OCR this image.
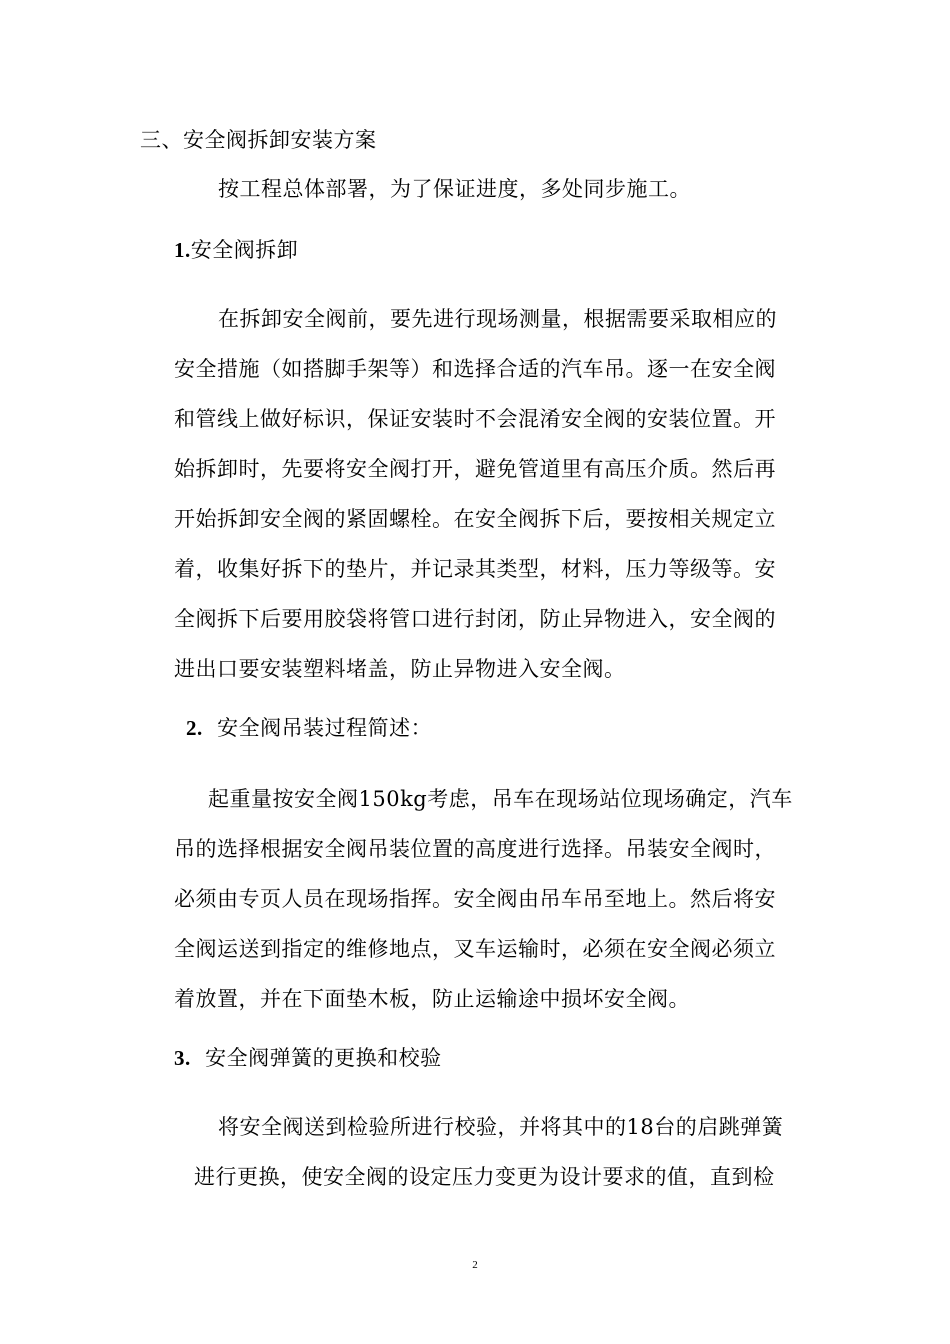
三、安全阀拆卸安装方案
按工程总体部署，为了保证进度，多处同步施工。
1.安全阀拆卸
在拆卸安全阀前，要先进行现场测量，根据需要采取相应的
安全措施（如搭脚手架等）和选择合适的汽车吊。逐一在安全阀
和管线上做好标识，保证安装时不会混淆安全阀的安装位置。开
始拆卸时，先要将安全阀打开，避免管道里有高压介质。然后再
开始拆卸安全阀的紧固螺栓。在安全阀拆下后，要按相关规定立
着，收集好拆下的垫片，并记录其类型，材料，压力等级等。安
全阀拆下后要用胶袋将管口进行封闭，防止异物进入，安全阀的
进出口要安装塑料堵盖，防止异物进入安全阀。
2. 安全阀吊装过程简述：
起重量按安全阀150kg考虑，吊车在现场站位现场确定，汽车
吊的选择根据安全阀吊装位置的高度进行选择。吊装安全阀时，
必须由专页人员在现场指挥。安全阀由吊车吊至地上。然后将安
全阀运送到指定的维修地点，叉车运输时，必须在安全阀必须立
着放置，并在下面垫木板，防止运输途中损坏安全阀。
3. 安全阀弹簧的更换和校验
将安全阀送到检验所进行校验，并将其中的18台的启跳弹簧
进行更换，使安全阀的设定压力变更为设计要求的值，直到检
2
